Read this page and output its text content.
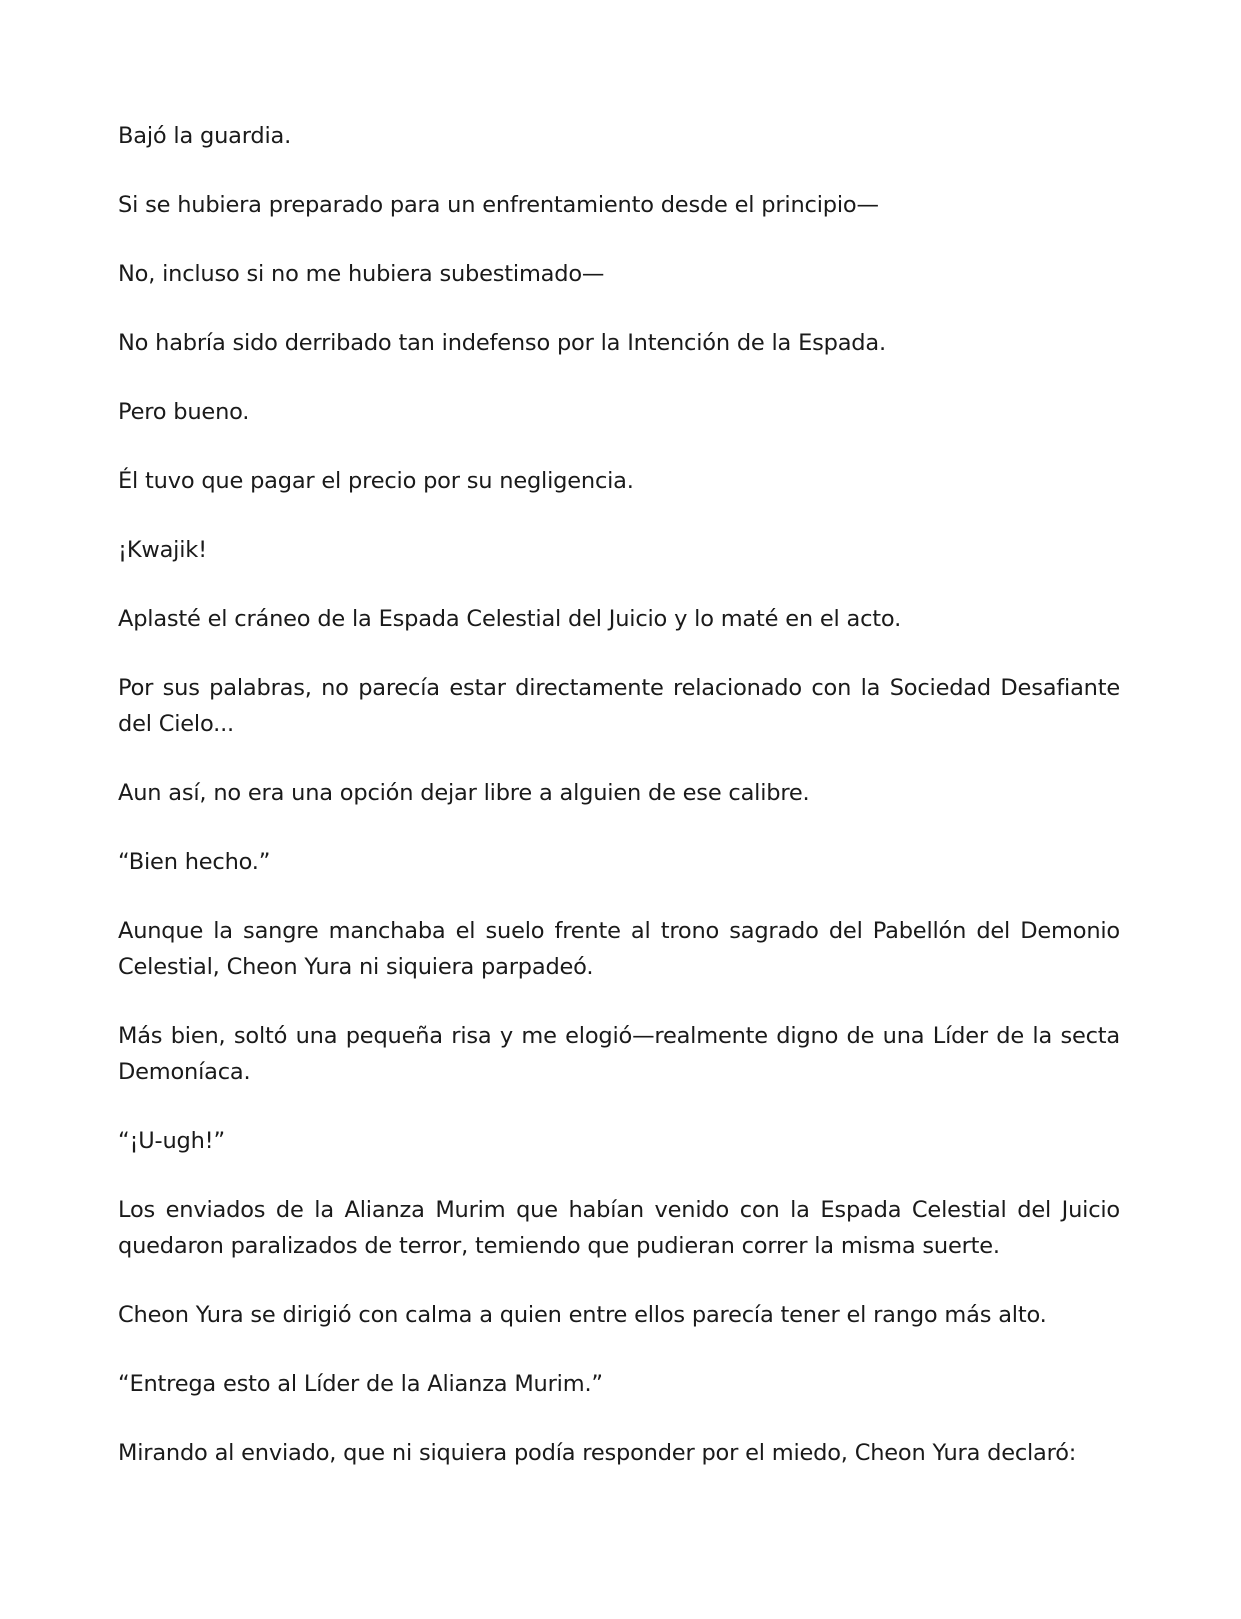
Bajó la guardia.

Si se hubiera preparado para un enfrentamiento desde el principio—

No, incluso si no me hubiera subestimado—

No habría sido derribado tan indefenso por la Intención de la Espada.

Pero bueno.

Él tuvo que pagar el precio por su negligencia.

¡Kwajik!

Aplasté el cráneo de la Espada Celestial del Juicio y lo maté en el acto.

Por sus palabras, no parecía estar directamente relacionado con la Sociedad Desafiante del Cielo...

Aun así, no era una opción dejar libre a alguien de ese calibre.

“Bien hecho.”

Aunque la sangre manchaba el suelo frente al trono sagrado del Pabellón del Demonio Celestial, Cheon Yura ni siquiera parpadeó.

Más bien, soltó una pequeña risa y me elogió—realmente digno de una Líder de la secta Demoníaca.

“¡U-ugh!”

Los enviados de la Alianza Murim que habían venido con la Espada Celestial del Juicio quedaron paralizados de terror, temiendo que pudieran correr la misma suerte.

Cheon Yura se dirigió con calma a quien entre ellos parecía tener el rango más alto.

“Entrega esto al Líder de la Alianza Murim.”

Mirando al enviado, que ni siquiera podía responder por el miedo, Cheon Yura declaró:
